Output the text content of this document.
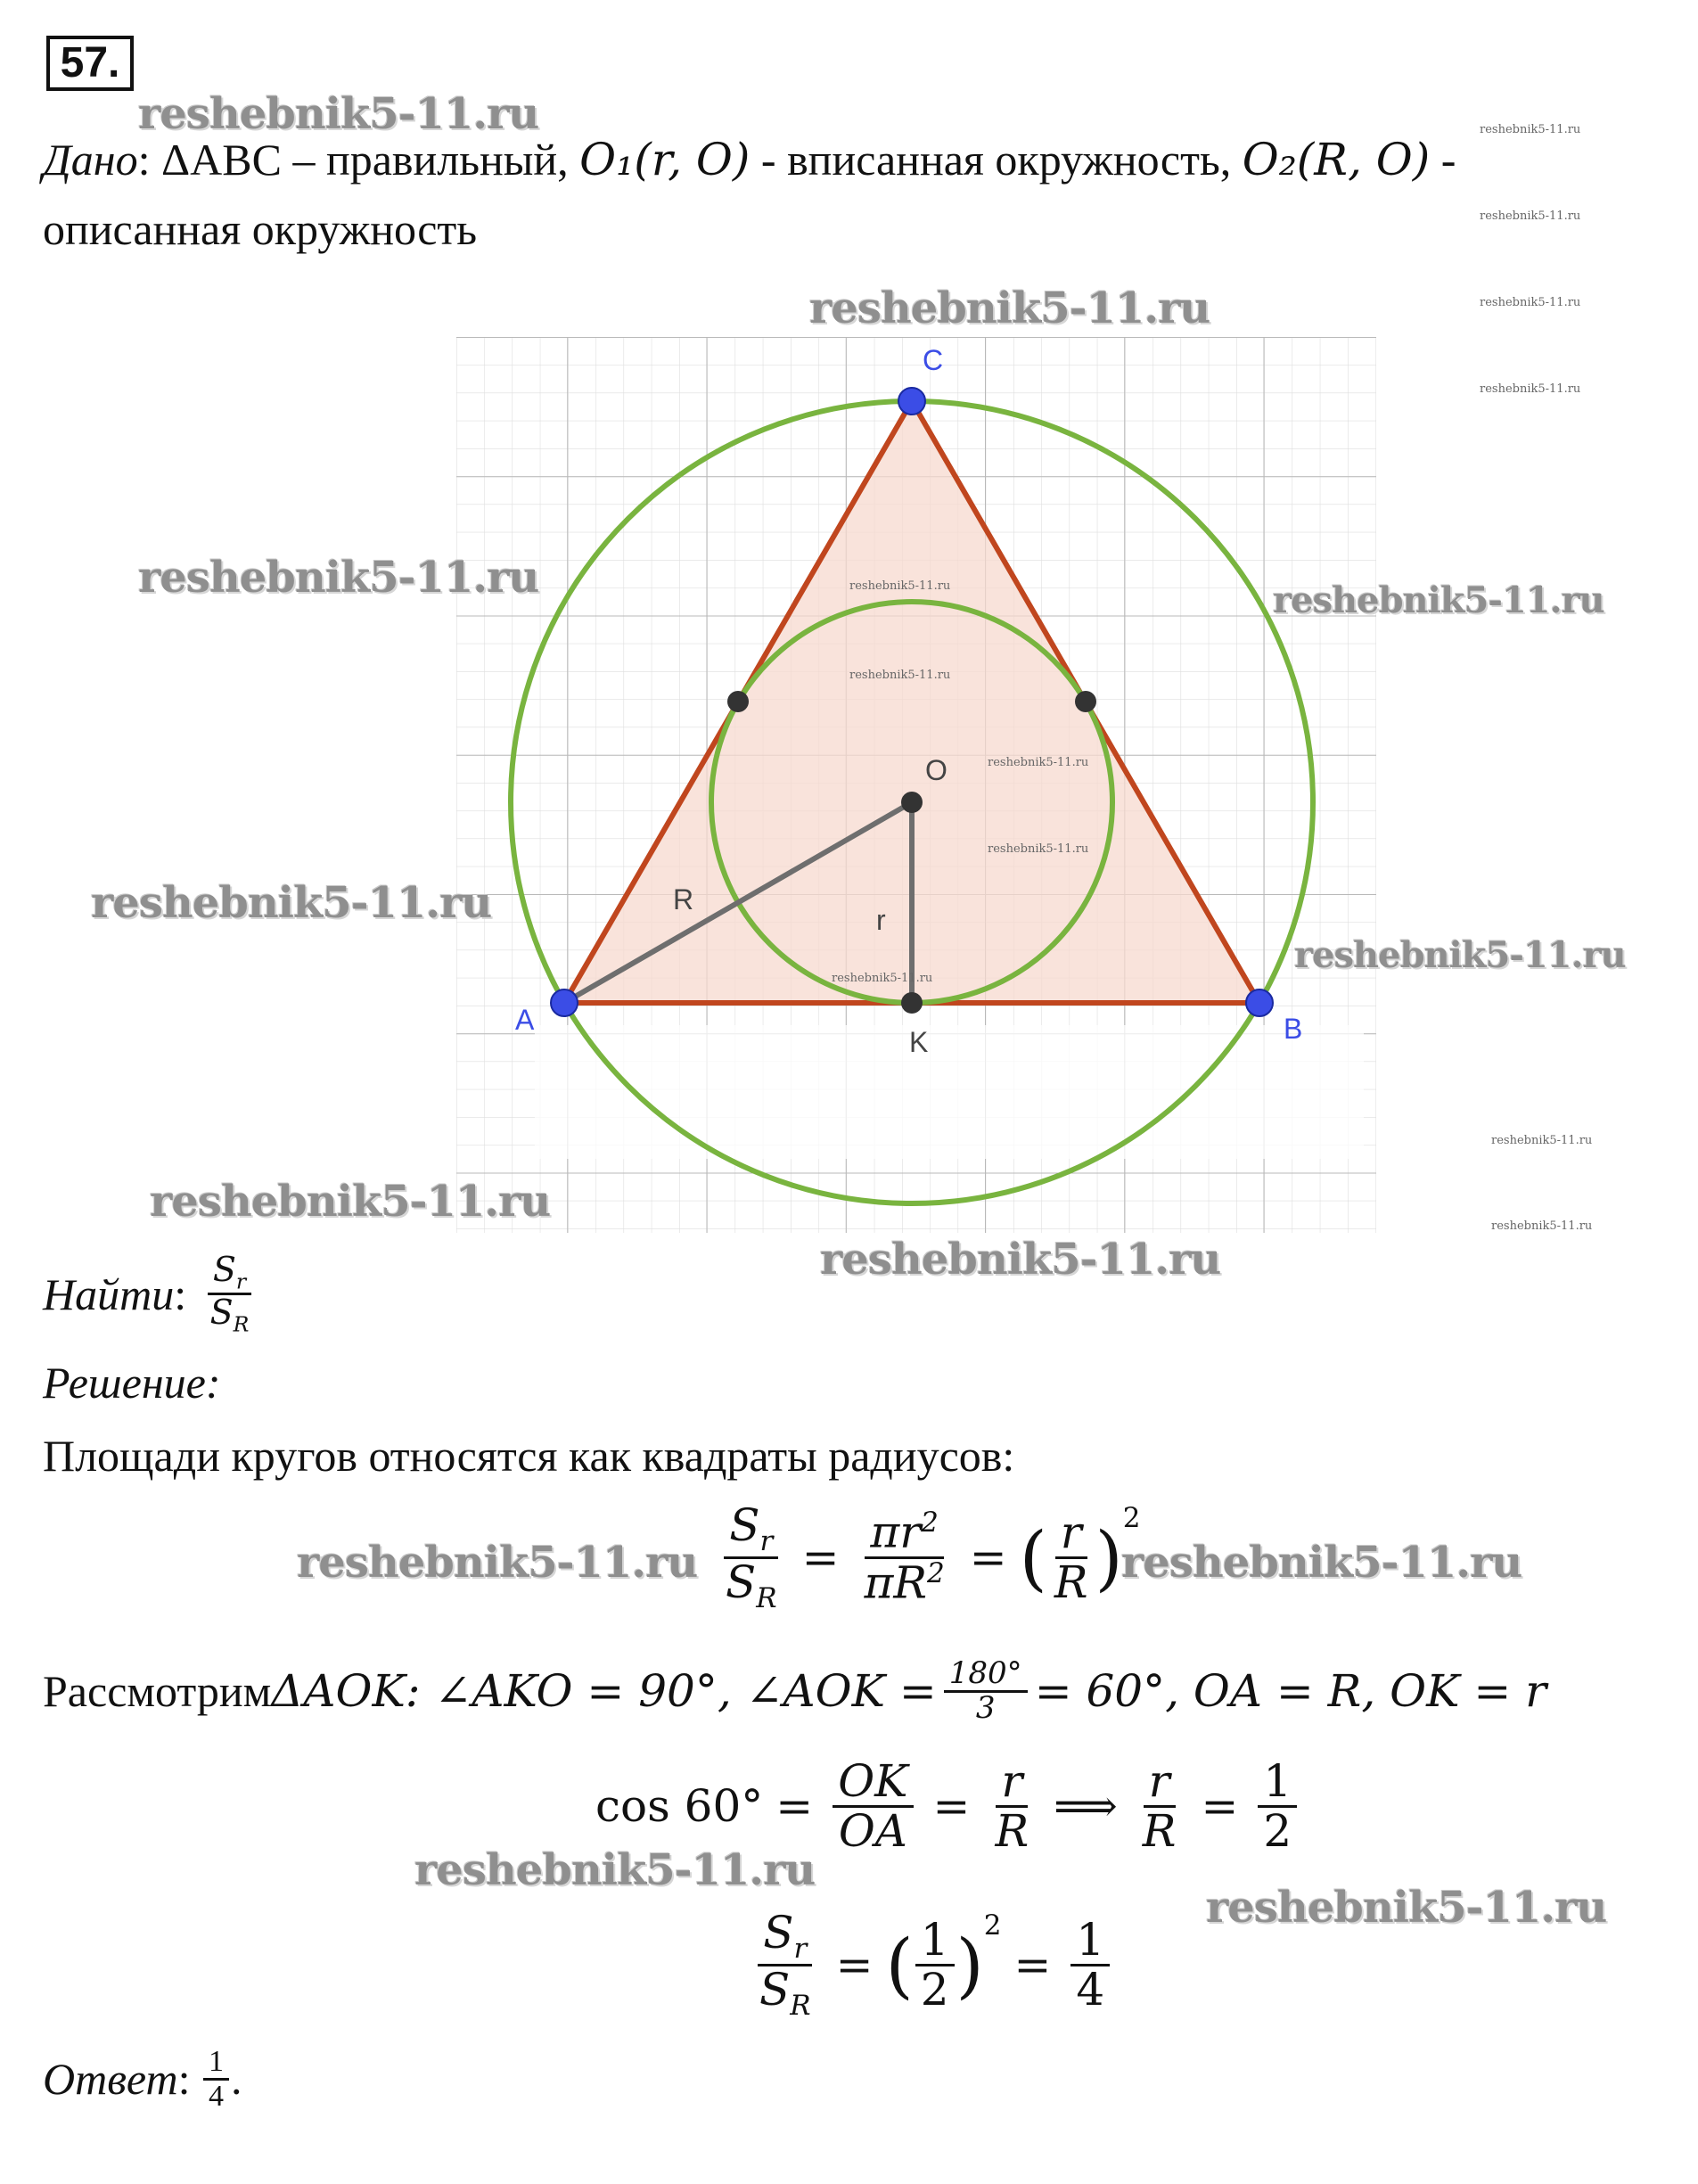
57.
reshebnik5-11.ru
Дано: ΔABC – правильный, O₁(r, O) - вписанная окружность, O₂(R, O) -
описанная окружность
reshebnik5-11.ru
reshebnik5-11.ru
reshebnik5-11.ru
reshebnik5-11.ru
C
A	B
O
K
R
r
reshebnik5-11.ru
reshebnik5-11.ru	reshebnik5-11.ru
reshebnik5-11.ru
reshebnik5-11.ru
reshebnik5-11.ru
reshebnik5-11.ru
reshebnik5-11.ru
reshebnik5-11.ru
reshebnik5-11.ru
reshebnik5-11.ru
reshebnik5-11.ru
reshebnik5-11.ru
reshebnik5-11.ru
Найти : $\frac{S_r}{S_R}$
Решение:
Площади кругов относятся как квадраты радиусов:
reshebnik5-11.ru $\frac{S_r}{S_R} = \frac{\pi r^2}{\pi R^2}$ = ( $\frac{r}{R} )^2$
reshebnik5-11.ru
Рассмотрим ΔAOK: ∠AKO = 90°, ∠AOK = $\frac{180^\circ}{3} = 60^\circ$, OA = R, OK = r
$\cos 60^\circ = \frac{OK}{OA} = \frac{r}{R}$ ⟹ $\frac{r}{R} = \frac{1}{2}$
reshebnik5-11.ru
reshebnik5-11.ru
$\frac{S_r}{S_R}$ = ( $\frac{1}{2} )^2$
= $\frac{1}{4}$
Ответ : $\frac{1}{4}$ .
